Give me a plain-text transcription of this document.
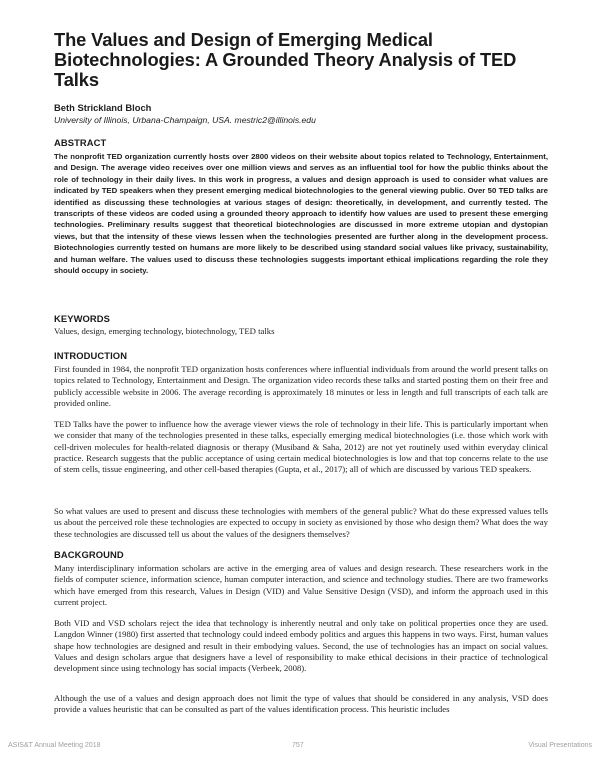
The Values and Design of Emerging Medical Biotechnologies: A Grounded Theory Analysis of TED Talks

Beth Strickland Bloch

University of Illinois, Urbana-Champaign, USA. mestric2@illinois.edu

ABSTRACT

The nonprofit TED organization currently hosts over 2800 videos on their website about topics related to Technology, Entertainment, and Design. The average video receives over one million views and serves as an influential tool for how the public thinks about the role of technology in their daily lives. In this work in progress, a values and design approach is used to consider what values are indicated by TED speakers when they present emerging medical biotechnologies to the general viewing public. Over 50 TED talks are identified as discussing these technologies at various stages of design: theoretically, in development, and currently tested. The transcripts of these videos are coded using a grounded theory approach to identify how values are used to present these emerging technologies. Preliminary results suggest that theoretical biotechnologies are discussed in more extreme utopian and dystopian views, but that the intensity of these views lessen when the technologies presented are further along in the development process. Biotechnologies currently tested on humans are more likely to be described using standard social values like privacy, sustainability, and human welfare. The values used to discuss these technologies suggests important ethical implications regarding the role they should occupy in society.

KEYWORDS

Values, design, emerging technology, biotechnology, TED talks

INTRODUCTION

First founded in 1984, the nonprofit TED organization hosts conferences where influential individuals from around the world present talks on topics related to Technology, Entertainment and Design. The organization video records these talks and started posting them on their free and publicly accessible website in 2006. The average recording is approximately 18 minutes or less in length and full transcripts of each talk are provided online.

TED Talks have the power to influence how the average viewer views the role of technology in their life. This is particularly important when we consider that many of the technologies presented in these talks, especially emerging medical biotechnologies (i.e. those which work with cell-driven molecules for health-related diagnosis or therapy (Musiband & Saha, 2012) are not yet routinely used within everyday clinical practice. Research suggests that the public acceptance of using certain medical biotechnologies is low and that top concerns relate to the use of stem cells, tissue engineering, and other cell-based therapies (Gupta, et al., 2017); all of which are discussed by various TED speakers.

So what values are used to present and discuss these technologies with members of the general public? What do these expressed values tells us about the perceived role these technologies are expected to occupy in society as envisioned by those who design them? What does the way these technologies are discussed tell us about the values of the designers themselves?

BACKGROUND

Many interdisciplinary information scholars are active in the emerging area of values and design research. These researchers work in the fields of computer science, information science, human computer interaction, and science and technology studies. There are two frameworks which have emerged from this research, Values in Design (VID) and Value Sensitive Design (VSD), and inform the approach used in this current project.

Both VID and VSD scholars reject the idea that technology is inherently neutral and only take on political properties once they are used. Langdon Winner (1980) first asserted that technology could indeed embody politics and argues this happens in two ways. First, human values shape how technologies are designed and result in their embodying values. Second, the use of technologies has an impact on social values. Values and design scholars argue that designers have a level of responsibility to make ethical decisions in their practice of technological development since using technology has social impacts (Verbeek, 2008).

Although the use of a values and design approach does not limit the type of values that should be considered in any analysis, VSD does provide a values heuristic that can be consulted as part of the values identification process. This heuristic includes

ASIS&T Annual Meeting 2018	757	Visual Presentations
